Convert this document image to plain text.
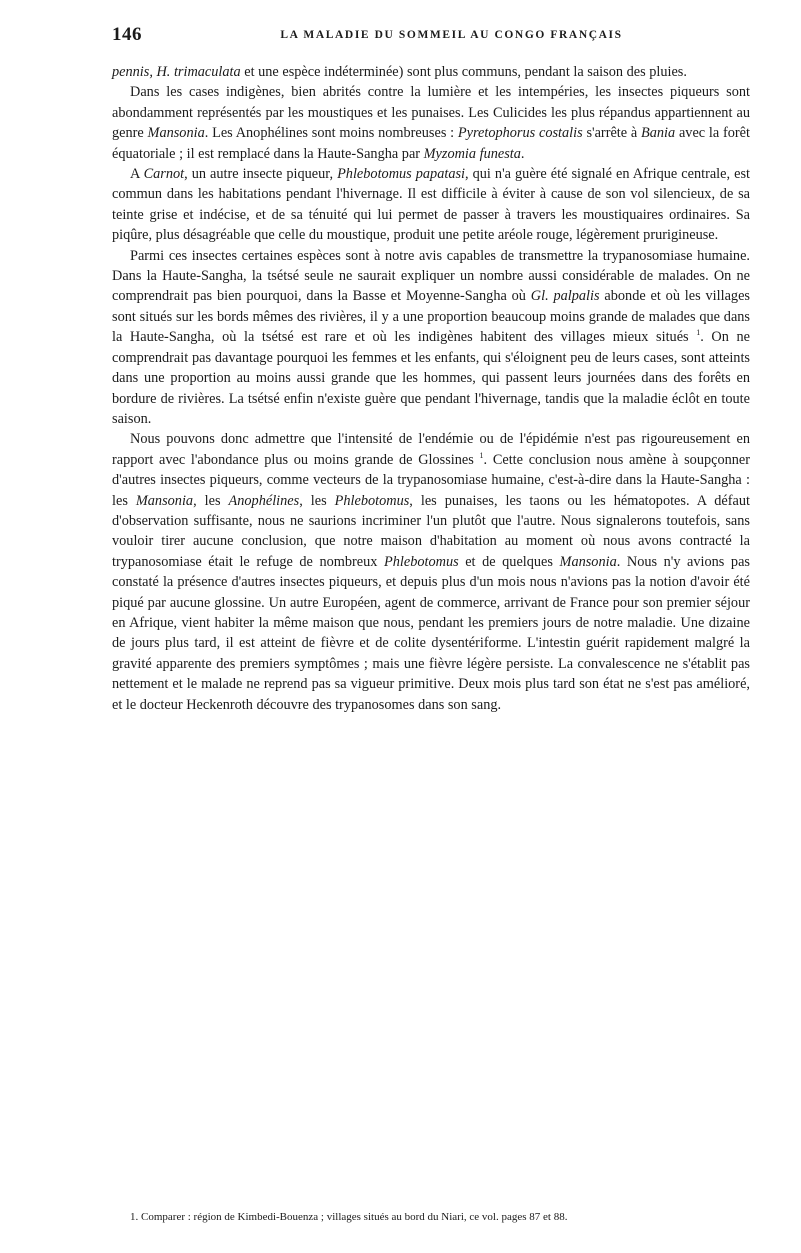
146	LA MALADIE DU SOMMEIL AU CONGO FRANÇAIS

pennis, H. trimaculata et une espèce indéterminée) sont plus communs, pendant la saison des pluies.

Dans les cases indigènes, bien abrités contre la lumière et les intempéries, les insectes piqueurs sont abondamment représentés par les moustiques et les punaises. Les Culicides les plus répandus appartiennent au genre Mansonia. Les Anophélines sont moins nombreuses : Pyretophorus costalis s'arrête à Bania avec la forêt équatoriale ; il est remplacé dans la Haute-Sangha par Myzomia funesta.

A Carnot, un autre insecte piqueur, Phlebotomus papatasi, qui n'a guère été signalé en Afrique centrale, est commun dans les habitations pendant l'hivernage. Il est difficile à éviter à cause de son vol silencieux, de sa teinte grise et indécise, et de sa ténuité qui lui permet de passer à travers les moustiquaires ordinaires. Sa piqûre, plus désagréable que celle du moustique, produit une petite aréole rouge, légèrement prurigineuse.

Parmi ces insectes certaines espèces sont à notre avis capables de transmettre la trypanosomiase humaine. Dans la Haute-Sangha, la tsétsé seule ne saurait expliquer un nombre aussi considérable de malades. On ne comprendrait pas bien pourquoi, dans la Basse et Moyenne-Sangha où Gl. palpalis abonde et où les villages sont situés sur les bords mêmes des rivières, il y a une proportion beaucoup moins grande de malades que dans la Haute-Sangha, où la tsétsé est rare et où les indigènes habitent des villages mieux situés $^1$. On ne comprendrait pas davantage pourquoi les femmes et les enfants, qui s'éloignent peu de leurs cases, sont atteints dans une proportion au moins aussi grande que les hommes, qui passent leurs journées dans des forêts en bordure de rivières. La tsétsé enfin n'existe guère que pendant l'hivernage, tandis que la maladie éclôt en toute saison.

Nous pouvons donc admettre que l'intensité de l'endémie ou de l'épidémie n'est pas rigoureusement en rapport avec l'abondance plus ou moins grande de Glossines $^1$. Cette conclusion nous amène à soupçonner d'autres insectes piqueurs, comme vecteurs de la trypanosomiase humaine, c'est-à-dire dans la Haute-Sangha : les Mansonia, les Anophélines, les Phlebotomus, les punaises, les taons ou les hématopotes. A défaut d'observation suffisante, nous ne saurions incriminer l'un plutôt que l'autre. Nous signalerons toutefois, sans vouloir tirer aucune conclusion, que notre maison d'habitation au moment où nous avons contracté la trypanosomiase était le refuge de nombreux Phlebotomus et de quelques Mansonia. Nous n'y avions pas constaté la présence d'autres insectes piqueurs, et depuis plus d'un mois nous n'avions pas la notion d'avoir été piqué par aucune glossine. Un autre Européen, agent de commerce, arrivant de France pour son premier séjour en Afrique, vient habiter la même maison que nous, pendant les premiers jours de notre maladie. Une dizaine de jours plus tard, il est atteint de fièvre et de colite dysentériforme. L'intestin guérit rapidement malgré la gravité apparente des premiers symptômes ; mais une fièvre légère persiste. La convalescence ne s'établit pas nettement et le malade ne reprend pas sa vigueur primitive. Deux mois plus tard son état ne s'est pas amélioré, et le docteur Heckenroth découvre des trypanosomes dans son sang.

1. Comparer : région de Kimbedi-Bouenza ; villages situés au bord du Niari, ce vol. pages 87 et 88.
